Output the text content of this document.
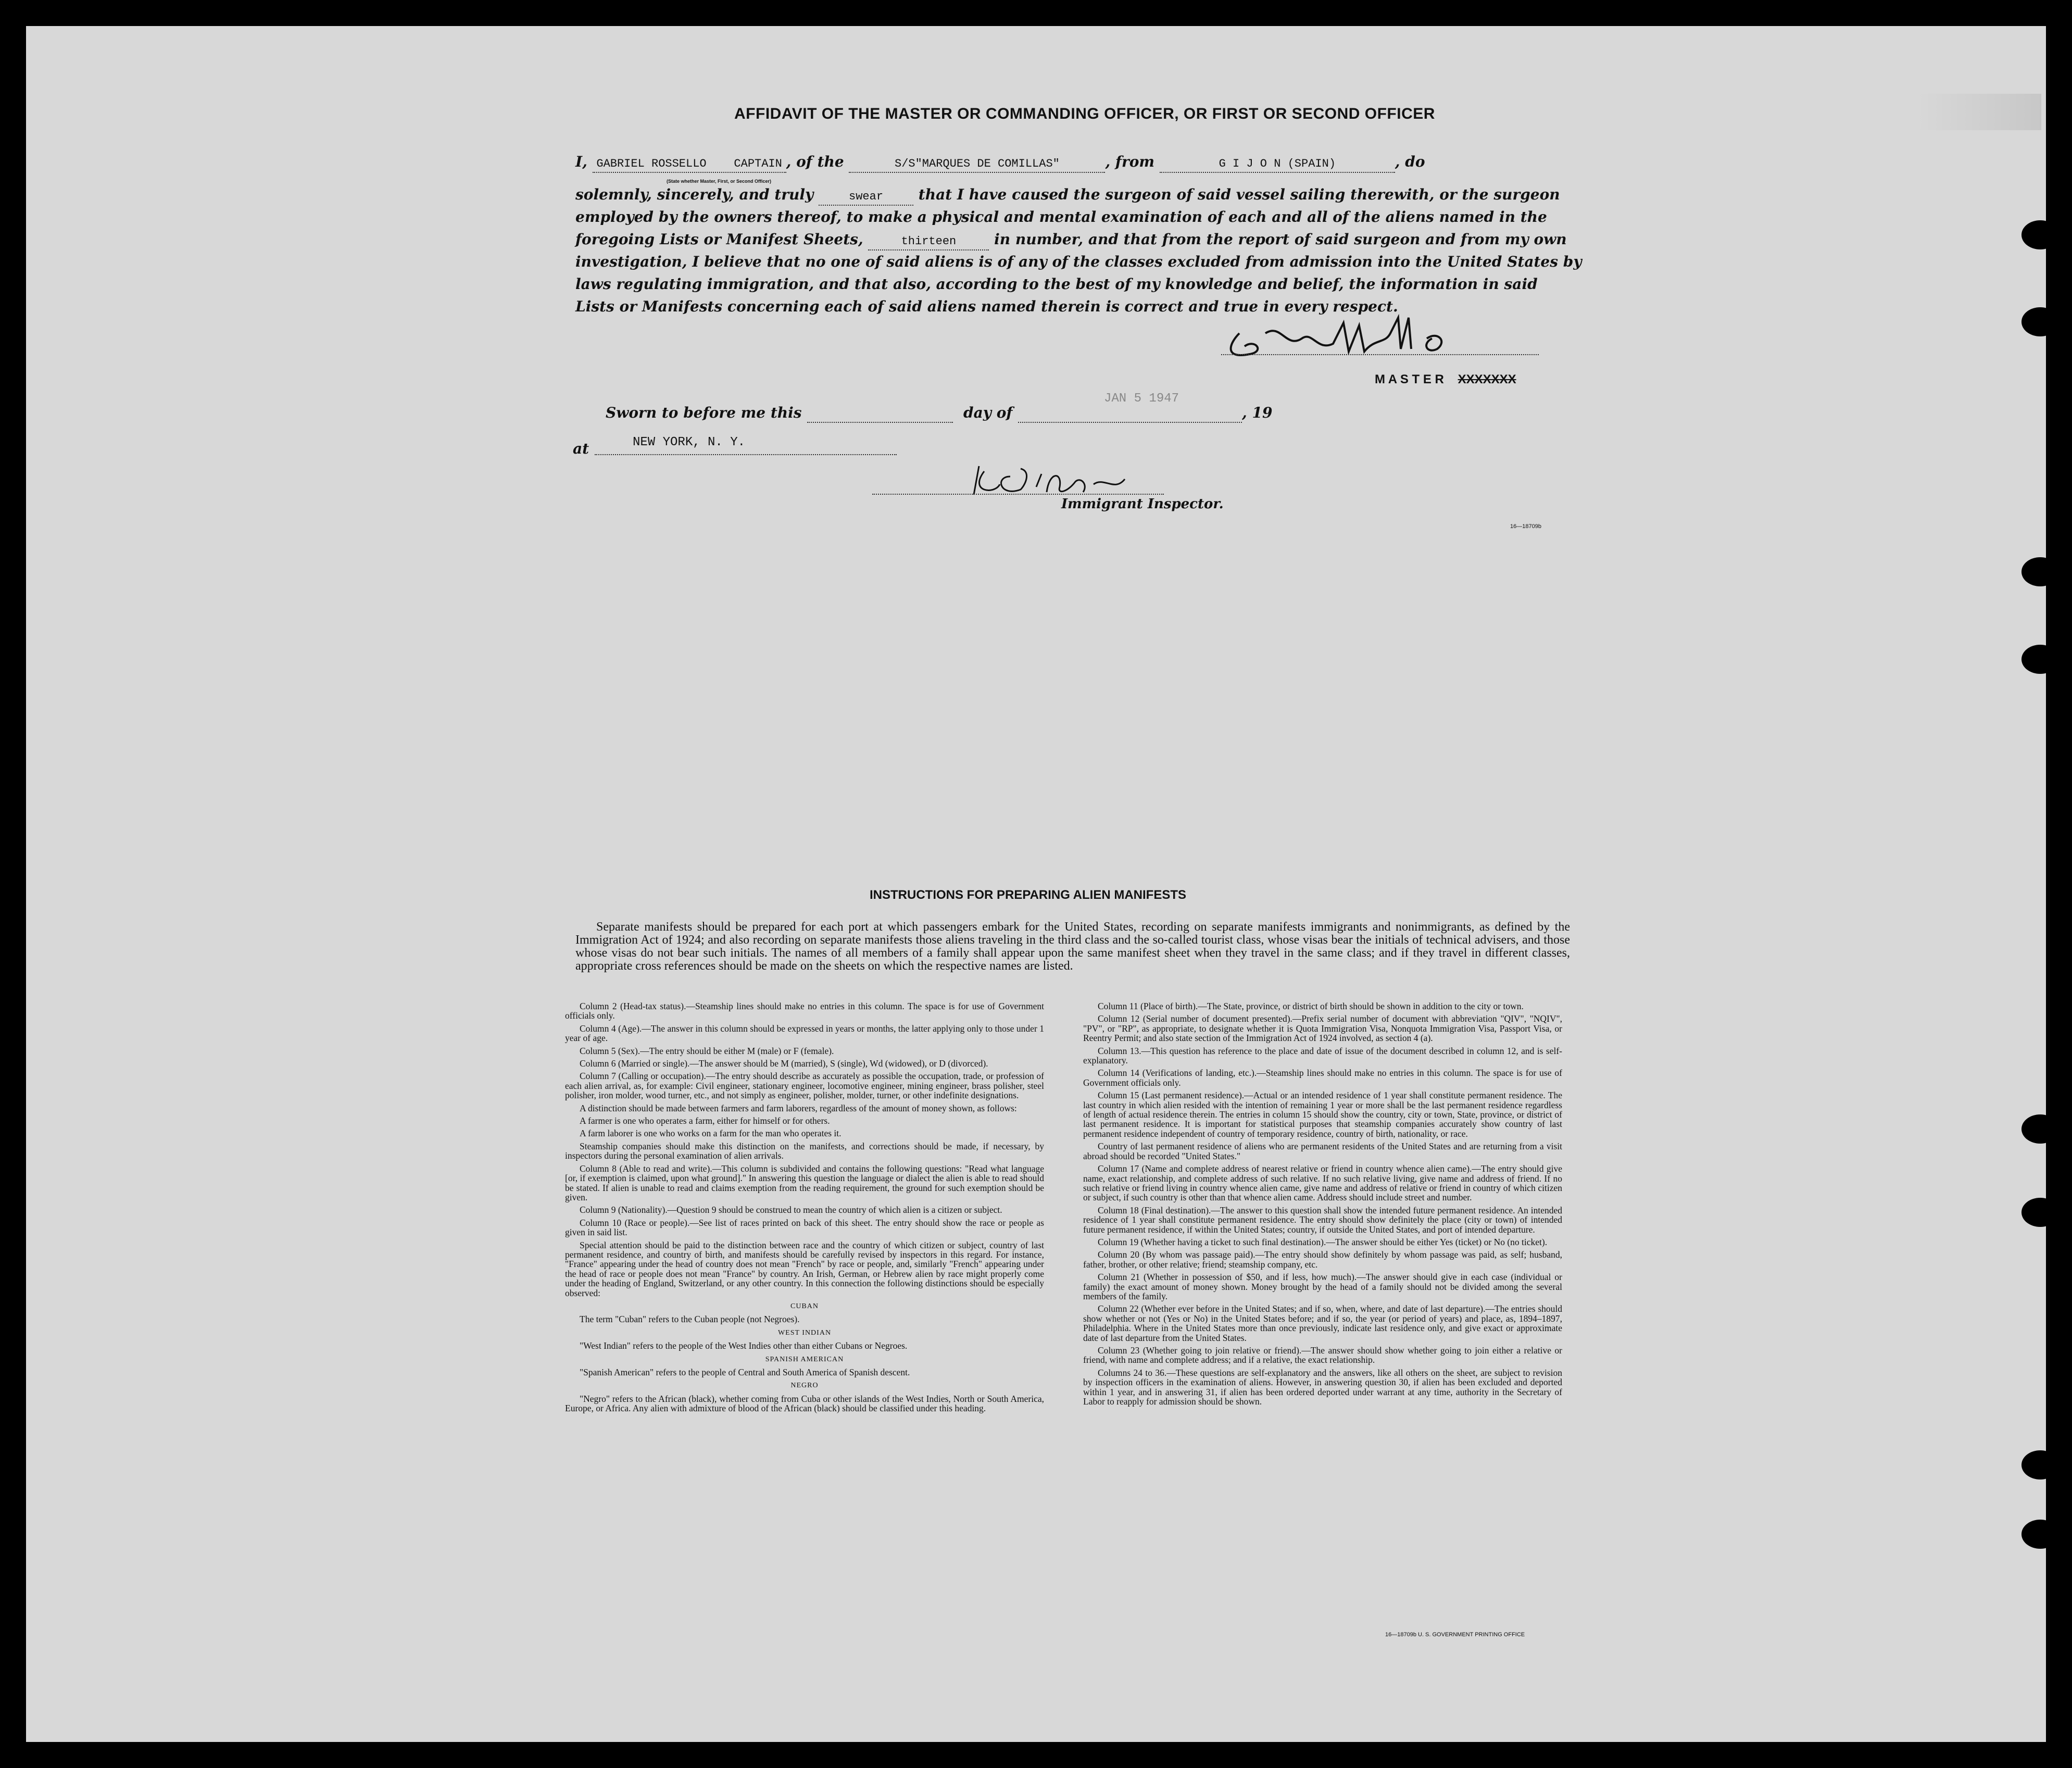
AFFIDAVIT OF THE MASTER OR COMMANDING OFFICER, OR FIRST OR SECOND OFFICER
I, GABRIEL ROSSELLO CAPTAIN , of the	S/S"MARQUES DE COMILLAS"	, from	G I J O N (SPAIN)	, do
(State whether Master, First, or Second Officer)
solemnly, sincerely, and truly	swear that I have caused the surgeon of said vessel sailing therewith, or the surgeon
employed by the owners thereof, to make a physical and mental examination of each and all of the aliens named in the
foregoing Lists or Manifest Sheets,	thirteen	in number, and that from the report of said surgeon and from my own
investigation, I believe that no one of said aliens is of any of the classes excluded from admission into the United States by
laws regulating immigration, and that also, according to the best of my knowledge and belief, the information in said
Lists or Manifests concerning each of said aliens named therein is correct and true in every respect.
M A S T E R XXXXXXX
Sworn to before me this	day of
JAN 5 1947
, 19
at	NEW YORK, N. Y.
Immigrant Inspector.
16—18709b
INSTRUCTIONS FOR PREPARING ALIEN MANIFESTS

Separate manifests should be prepared for each port at which passengers embark for the United States, recording on separate manifests immigrants and nonimmigrants, as defined by the Immigration Act of 1924; and also recording on separate manifests those aliens traveling in the third class and the so-called tourist class, whose visas bear the initials of technical advisers, and those whose visas do not bear such initials. The names of all members of a family shall appear upon the same manifest sheet when they travel in the same class; and if they travel in different classes, appropriate cross references should be made on the sheets on which the respective names are listed.

Column 2 (Head-tax status).—Steamship lines should make no entries in this column. The space is for use of Government officials only.

Column 4 (Age).—The answer in this column should be expressed in years or months, the latter applying only to those under 1 year of age.

Column 5 (Sex).—The entry should be either M (male) or F (female).

Column 6 (Married or single).—The answer should be M (married), S (single), Wd (widowed), or D (divorced).

Column 7 (Calling or occupation).—The entry should describe as accurately as possible the occupation, trade, or profession of each alien arrival, as, for example: Civil engineer, stationary engineer, locomotive engineer, mining engineer, brass polisher, steel polisher, iron molder, wood turner, etc., and not simply as engineer, polisher, molder, turner, or other indefinite designations.

A distinction should be made between farmers and farm laborers, regardless of the amount of money shown, as follows:

A farmer is one who operates a farm, either for himself or for others.

A farm laborer is one who works on a farm for the man who operates it.

Steamship companies should make this distinction on the manifests, and corrections should be made, if necessary, by inspectors during the personal examination of alien arrivals.

Column 8 (Able to read and write).—This column is subdivided and contains the following questions: "Read what language [or, if exemption is claimed, upon what ground]." In answering this question the language or dialect the alien is able to read should be stated. If alien is unable to read and claims exemption from the reading requirement, the ground for such exemption should be given.

Column 9 (Nationality).—Question 9 should be construed to mean the country of which alien is a citizen or subject.

Column 10 (Race or people).—See list of races printed on back of this sheet. The entry should show the race or people as given in said list.

Special attention should be paid to the distinction between race and the country of which citizen or subject, country of last permanent residence, and country of birth, and manifests should be carefully revised by inspectors in this regard. For instance, "France" appearing under the head of country does not mean "French" by race or people, and, similarly "French" appearing under the head of race or people does not mean "France" by country. An Irish, German, or Hebrew alien by race might properly come under the heading of England, Switzerland, or any other country. In this connection the following distinctions should be especially observed:

CUBAN

The term "Cuban" refers to the Cuban people (not Negroes).

WEST INDIAN

"West Indian" refers to the people of the West Indies other than either Cubans or Negroes.

SPANISH AMERICAN

"Spanish American" refers to the people of Central and South America of Spanish descent.

NEGRO

"Negro" refers to the African (black), whether coming from Cuba or other islands of the West Indies, North or South America, Europe, or Africa. Any alien with admixture of blood of the African (black) should be classified under this heading.

Column 11 (Place of birth).—The State, province, or district of birth should be shown in addition to the city or town.

Column 12 (Serial number of document presented).—Prefix serial number of document with abbreviation "QIV", "NQIV", "PV", or "RP", as appropriate, to designate whether it is Quota Immigration Visa, Nonquota Immigration Visa, Passport Visa, or Reentry Permit; and also state section of the Immigration Act of 1924 involved, as section 4 (a).

Column 13.—This question has reference to the place and date of issue of the document described in column 12, and is self-explanatory.

Column 14 (Verifications of landing, etc.).—Steamship lines should make no entries in this column. The space is for use of Government officials only.

Column 15 (Last permanent residence).—Actual or an intended residence of 1 year shall constitute permanent residence. The last country in which alien resided with the intention of remaining 1 year or more shall be the last permanent residence regardless of length of actual residence therein. The entries in column 15 should show the country, city or town, State, province, or district of last permanent residence. It is important for statistical purposes that steamship companies accurately show country of last permanent residence independent of country of temporary residence, country of birth, nationality, or race.

Country of last permanent residence of aliens who are permanent residents of the United States and are returning from a visit abroad should be recorded "United States."

Column 17 (Name and complete address of nearest relative or friend in country whence alien came).—The entry should give name, exact relationship, and complete address of such relative. If no such relative living, give name and address of friend. If no such relative or friend living in country whence alien came, give name and address of relative or friend in country of which citizen or subject, if such country is other than that whence alien came. Address should include street and number.

Column 18 (Final destination).—The answer to this question shall show the intended future permanent residence. An intended residence of 1 year shall constitute permanent residence. The entry should show definitely the place (city or town) of intended future permanent residence, if within the United States; country, if outside the United States, and port of intended departure.

Column 19 (Whether having a ticket to such final destination).—The answer should be either Yes (ticket) or No (no ticket).

Column 20 (By whom was passage paid).—The entry should show definitely by whom passage was paid, as self; husband, father, brother, or other relative; friend; steamship company, etc.

Column 21 (Whether in possession of $50, and if less, how much).—The answer should give in each case (individual or family) the exact amount of money shown. Money brought by the head of a family should not be divided among the several members of the family.

Column 22 (Whether ever before in the United States; and if so, when, where, and date of last departure).—The entries should show whether or not (Yes or No) in the United States before; and if so, the year (or period of years) and place, as, 1894–1897, Philadelphia. Where in the United States more than once previously, indicate last residence only, and give exact or approximate date of last departure from the United States.

Column 23 (Whether going to join relative or friend).—The answer should show whether going to join either a relative or friend, with name and complete address; and if a relative, the exact relationship.

Columns 24 to 36.—These questions are self-explanatory and the answers, like all others on the sheet, are subject to revision by inspection officers in the examination of aliens. However, in answering question 30, if alien has been excluded and deported within 1 year, and in answering 31, if alien has been ordered deported under warrant at any time, authority in the Secretary of Labor to reapply for admission should be shown.

16—18709b U. S. GOVERNMENT PRINTING OFFICE
